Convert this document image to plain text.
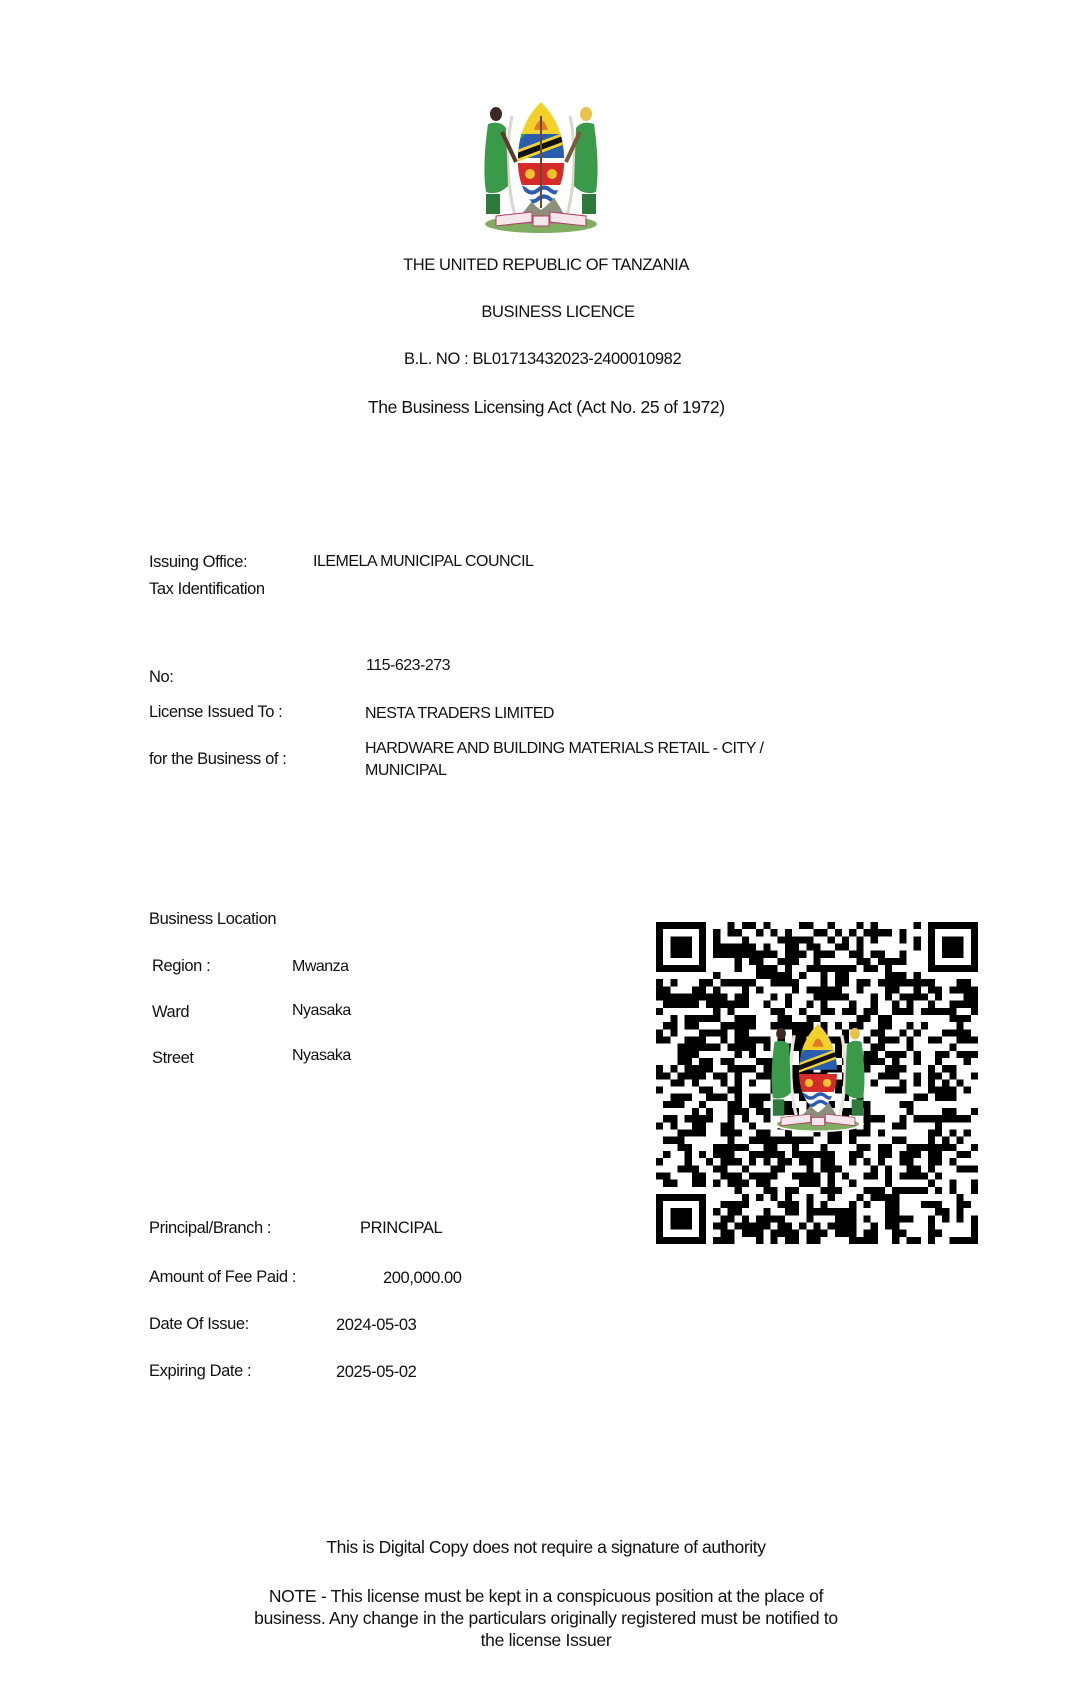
THE UNITED REPUBLIC OF TANZANIA
BUSINESS LICENCE
B.L. NO : BL01713432023-2400010982
The Business Licensing Act (Act No. 25 of 1972)
Issuing Office:	ILEMELA MUNICIPAL COUNCIL
Tax Identification
No:
115-623-273
License Issued To :	NESTA TRADERS LIMITED
for the Business of :
HARDWARE AND BUILDING MATERIALS RETAIL - CITY /
MUNICIPAL
Business Location
Region :	Mwanza
Ward	Nyasaka
Street	Nyasaka
Principal/Branch :	PRINCIPAL
Amount of Fee Paid :	200,000.00
Date Of Issue:	2024-05-03
Expiring Date :	2025-05-02
This is Digital Copy does not require a signature of authority
NOTE - This license must be kept in a conspicuous position at the place of
business. Any change in the particulars originally registered must be notified to
the license Issuer
